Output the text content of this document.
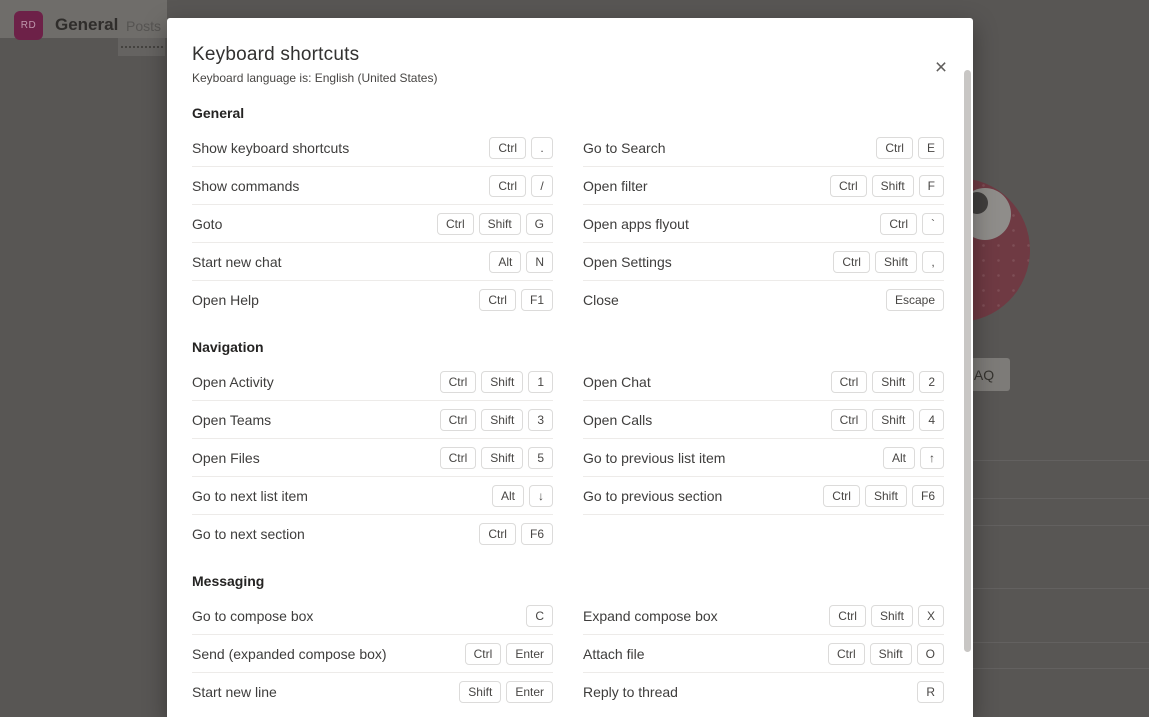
RD	General Posts
AQ
×
Keyboard shortcuts
Keyboard language is: English (United States)
General
Show keyboard shortcuts	Ctrl	.
Show commands	Ctrl	/
Goto	Ctrl	Shift	G
Start new chat	Alt	N
Open Help	Ctrl	F1
Go to Search	Ctrl	E
Open filter	Ctrl	Shift	F
Open apps flyout	Ctrl	`
Open Settings	Ctrl	Shift	,
Close	Escape
Navigation
Open Activity	Ctrl	Shift	1
Open Teams	Ctrl	Shift	3
Open Files	Ctrl	Shift	5
Go to next list item	Alt	↓
Go to next section	Ctrl	F6
Open Chat	Ctrl	Shift	2
Open Calls	Ctrl	Shift	4
Go to previous list item	Alt	↑
Go to previous section	Ctrl	Shift	F6
Messaging
Go to compose box	C
Send (expanded compose box)	Ctrl	Enter
Start new line	Shift	Enter
Expand compose box	Ctrl	Shift	X
Attach file	Ctrl	Shift	O
Reply to thread	R
